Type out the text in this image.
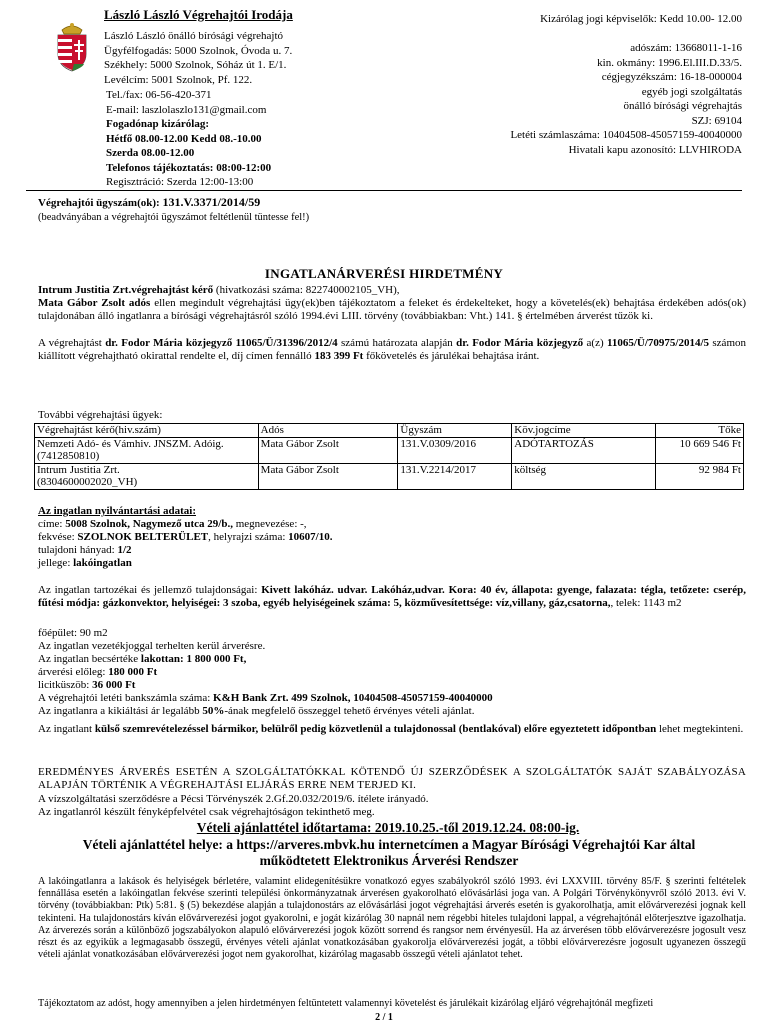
László László Végrehajtói Irodája
László László önálló bírósági végrehajtó
Ügyfélfogadás: 5000 Szolnok, Óvoda u. 7.
Székhely: 5000 Szolnok, Sóház út 1. E/1.
Levélcím: 5001 Szolnok, Pf. 122.
Tel./fax: 06-56-420-371
E-mail: laszlolaszlo131@gmail.com
Fogadónap kizárólag:
Hétfő 08.00-12.00 Kedd 08.-10.00
Szerda 08.00-12.00
Telefonos tájékoztatás: 08:00-12:00
Regisztráció: Szerda 12:00-13:00
Kizárólag jogi képviselők: Kedd 10.00- 12.00
adószám: 13668011-1-16
kin. okmány: 1996.El.III.D.33/5.
cégjegyzékszám: 16-18-000004
egyéb jogi szolgáltatás
önálló bírósági végrehajtás
SZJ: 69104
Letéti számlaszáma: 10404508-45057159-40040000
Hivatali kapu azonosító: LLVHIRODA
Végrehajtói ügyszám(ok): 131.V.3371/2014/59
(beadványában a végrehajtói ügyszámot feltétlenül tüntesse fel!)
INGATLANÁRVERÉSI HIRDETMÉNY
Intrum Justitia Zrt.végrehajtást kérő (hivatkozási száma: 822740002105_VH),
Mata Gábor Zsolt adós ellen megindult végrehajtási ügy(ek)ben tájékoztatom a feleket és érdekelteket, hogy a követelés(ek) behajtása érdekében adós(ok) tulajdonában álló ingatlanra a bírósági végrehajtásról szóló 1994.évi LIII. törvény (továbbiakban: Vht.) 141. § értelmében árverést tűzök ki.
A végrehajtást dr. Fodor Mária közjegyző 11065/Ü/31396/2012/4 számú határozata alapján dr. Fodor Mária közjegyző a(z) 11065/Ü/70975/2014/5 számon kiállított végrehajtható okirattal rendelte el, díj címen fennálló 183 399 Ft főkövetelés és járulékai behajtása iránt.
További végrehajtási ügyek:
Végrehajtást kérő(hiv.szám)	Adós	Ügyszám	Köv.jogcíme	Tőke
Nemzeti Adó- és Vámhiv. JNSZM. Adóig.
(7412850810)	Mata Gábor Zsolt	131.V.0309/2016	ADÓTARTOZÁS	10 669 546 Ft
Intrum Justitia Zrt.
(8304600002020_VH)	Mata Gábor Zsolt	131.V.2214/2017	költség	92 984 Ft
Az ingatlan nyilvántartási adatai:
címe: 5008 Szolnok, Nagymező utca 29/b., megnevezése: -,
fekvése: SZOLNOK BELTERÜLET, helyrajzi száma: 10607/10.
tulajdoni hányad: 1/2
jellege: lakóingatlan
Az ingatlan tartozékai és jellemző tulajdonságai: Kivett lakóház. udvar. Lakóház,udvar. Kora: 40 év, állapota: gyenge, falazata: tégla, tetőzete: cserép, fűtési módja: gázkonvektor, helyiségei: 3 szoba, egyéb helyiségeinek száma: 5, közművesítettsége: víz,villany, gáz,csatorna,, telek: 1143 m2
főépület: 90 m2
Az ingatlan vezetékjoggal terhelten kerül árverésre.
Az ingatlan becsértéke lakottan: 1 800 000 Ft,
árverési előleg: 180 000 Ft
licitküszöb: 36 000 Ft
A végrehajtói letéti bankszámla száma: K&H Bank Zrt. 499 Szolnok, 10404508-45057159-40040000
Az ingatlanra a kikiáltási ár legalább 50%-ának megfelelő összeggel tehető érvényes vételi ajánlat.
Az ingatlant külső szemrevételezéssel bármikor, belülről pedig közvetlenül a tulajdonossal (bentlakóval) előre egyeztetett időpontban lehet megtekinteni.
EREDMÉNYES ÁRVERÉS ESETÉN A SZOLGÁLTATÓKKAL KÖTENDŐ ÚJ SZERZŐDÉSEK A SZOLGÁLTATÓK SAJÁT SZABÁLYOZÁSA ALAPJÁN TÖRTÉNIK A VÉGREHAJTÁSI ELJÁRÁS ERRE NEM TERJED KI.
A vízszolgáltatási szerződésre a Pécsi Törvényszék 2.Gf.20.032/2019/6. ítélete irányadó.
Az ingatlanról készült fényképfelvétel csak végrehajtóságon tekinthető meg.
Vételi ajánlattétel időtartama: 2019.10.25.-től 2019.12.24. 08:00-ig.
Vételi ajánlattétel helye: a https://arveres.mbvk.hu internetcímen a Magyar Bírósági Végrehajtói Kar által működtetett Elektronikus Árverési Rendszer
A lakóingatlanra a lakások és helyiségek bérletére, valamint elidegenítésükre vonatkozó egyes szabályokról szóló 1993. évi LXXVIII. törvény 85/F. § szerinti feltételek fennállása esetén a lakóingatlan fekvése szerinti települési önkormányzatnak árverésen gyakorolható elővásárlási joga van. A Polgári Törvénykönyvről szóló 2013. évi V. törvény (továbbiakban: Ptk) 5:81. § (5) bekezdése alapján a tulajdonostárs az elővásárlási jogot végrehajtási árverés esetén is gyakorolhatja, amit elővárverezési jognak kell tekinteni. Ha tulajdonostárs kíván elővárverezési jogot gyakorolni, e jogát kizárólag 30 napnál nem régebbi hiteles tulajdoni lappal, a végrehajtónál előterjesztve igazolhatja. Az árverezés során a különböző jogszabályokon alapuló elővárverezési jogok között sorrend és rangsor nem érvényesül. Ha az árverésen több elővárverezésre jogosult vesz részt és az egyikük a legmagasabb összegű, érvényes vételi ajánlat vonatkozásában gyakorolja elővárverezési jogát, a többi elővárverezésre jogosult ugyanezen összegű vételi ajánlat vonatkozásában elővárverezési jogot nem gyakorolhat, kizárólag magasabb összegű vételi ajánlatot tehet.
Tájékoztatom az adóst, hogy amennyiben a jelen hirdetményen feltüntetett valamennyi követelést és járulékait kizárólag eljáró végrehajtónál megfizeti
2 / 1
